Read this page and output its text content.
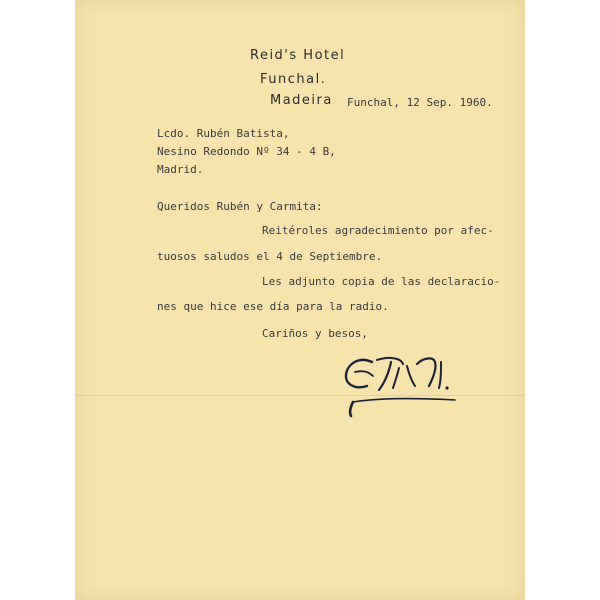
Reid's Hotel
Funchal.
Madeira Funchal, 12 Sep. 1960.
Lcdo. Rubén Batista,
Nesino Redondo Nº 34 - 4 B,
Madrid.
Queridos Rubén y Carmita:
Reitéroles agradecimiento por afec-
tuosos saludos el 4 de Septiembre.
Les adjunto copia de las declaracio-
nes que hice ese día para la radio.
Cariños y besos,
